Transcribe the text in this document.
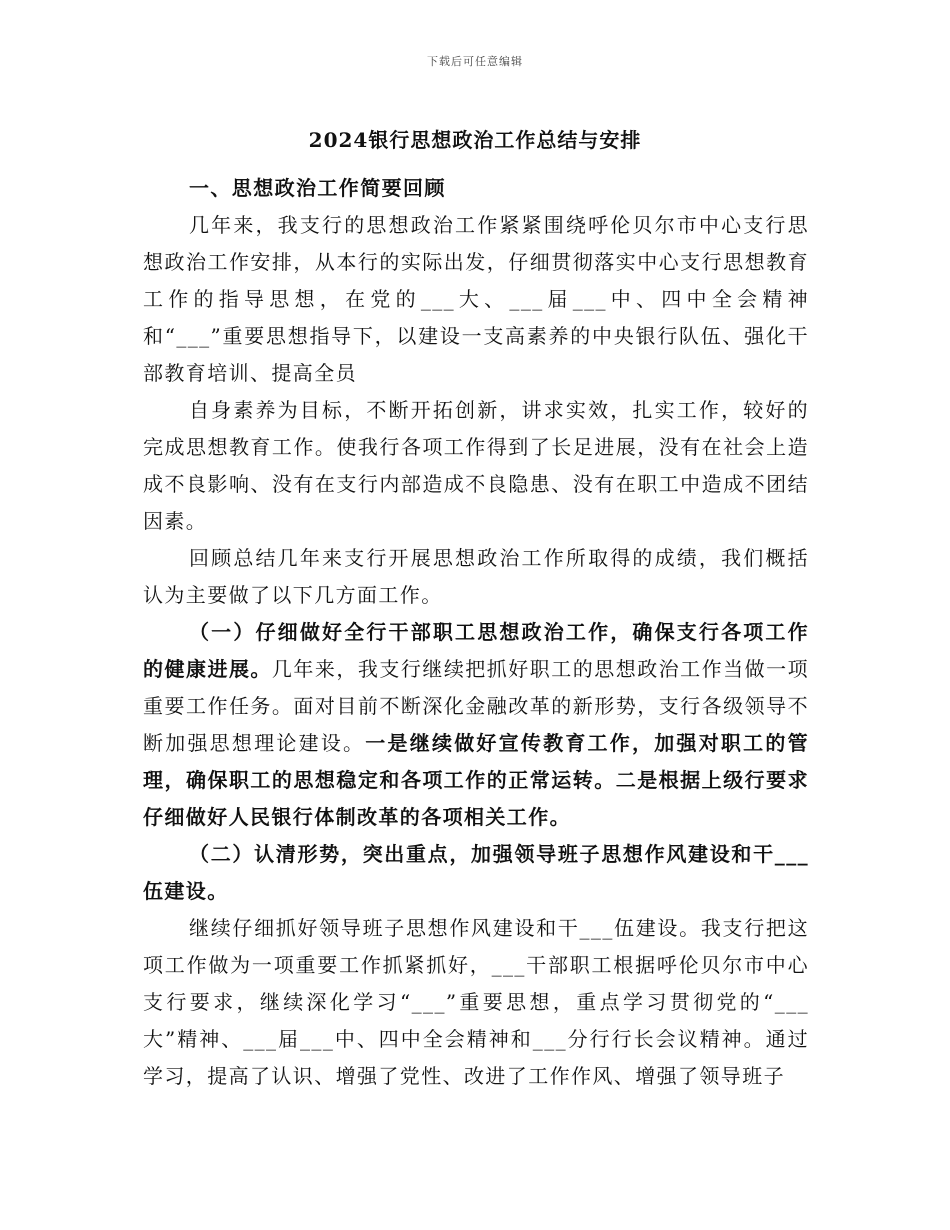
下载后可任意编辑
2024银行思想政治工作总结与安排

一、思想政治工作简要回顾

几年来，我支行的思想政治工作紧紧围绕呼伦贝尔市中心支行思想政治工作安排，从本行的实际出发，仔细贯彻落实中心支行思想教育工作的指导思想，在党的___大、___届___中、四中全会精神和“___”重要思想指导下，以建设一支高素养的中央银行队伍、强化干部教育培训、提高全员

自身素养为目标，不断开拓创新，讲求实效，扎实工作，较好的完成思想教育工作。使我行各项工作得到了长足进展，没有在社会上造成不良影响、没有在支行内部造成不良隐患、没有在职工中造成不团结因素。

回顾总结几年来支行开展思想政治工作所取得的成绩，我们概括认为主要做了以下几方面工作。

（一）仔细做好全行干部职工思想政治工作，确保支行各项工作的健康进展。几年来，我支行继续把抓好职工的思想政治工作当做一项重要工作任务。面对目前不断深化金融改革的新形势，支行各级领导不断加强思想理论建设。一是继续做好宣传教育工作，加强对职工的管理，确保职工的思想稳定和各项工作的正常运转。二是根据上级行要求仔细做好人民银行体制改革的各项相关工作。

（二）认清形势，突出重点，加强领导班子思想作风建设和干___伍建设。

继续仔细抓好领导班子思想作风建设和干___伍建设。我支行把这项工作做为一项重要工作抓紧抓好，___干部职工根据呼伦贝尔市中心支行要求，继续深化学习“___”重要思想，重点学习贯彻党的“___大”精神、___届___中、四中全会精神和___分行行长会议精神。通过学习，提高了认识、增强了党性、改进了工作作风、增强了领导班子
